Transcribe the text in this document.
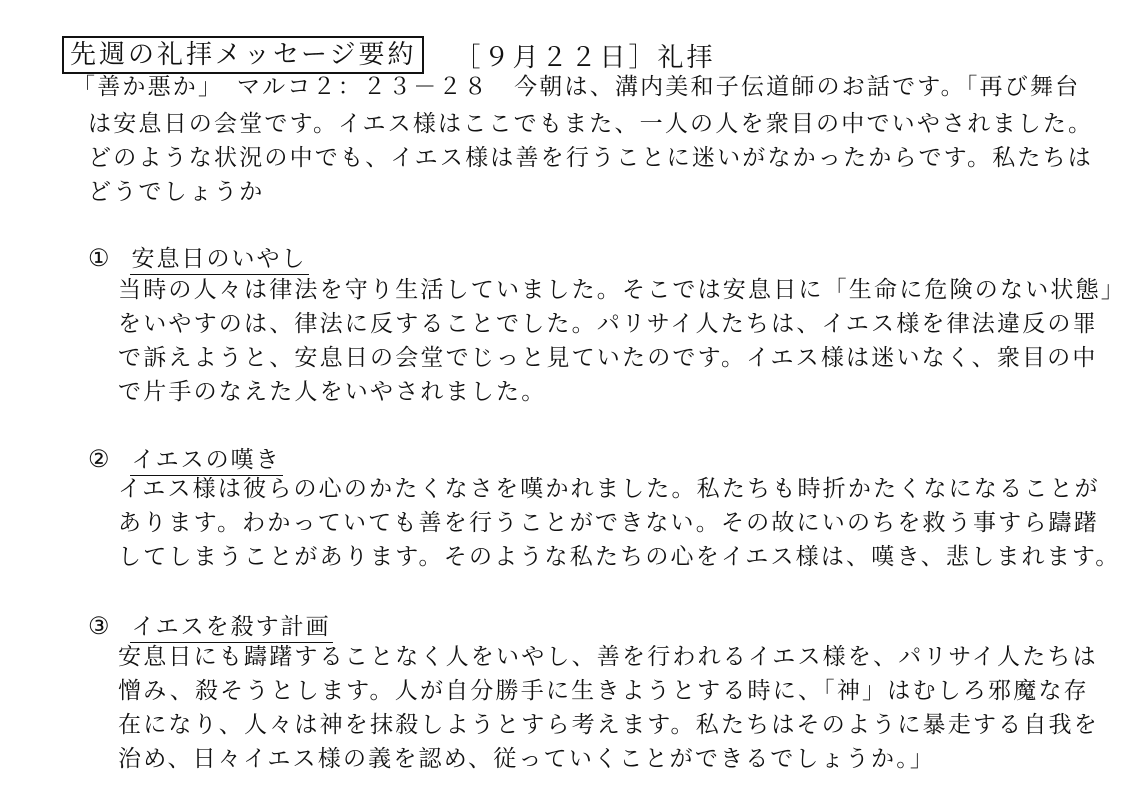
先週の礼拝メッセージ要約	［９月２２日］礼拝
「善か悪か」　マルコ２：２３－２８　今朝は、溝内美和子伝道師のお話です。「再び舞台
は安息日の会堂です。イエス様はここでもまた、一人の人を衆目の中でいやされました。
どのような状況の中でも、イエス様は善を行うことに迷いがなかったからです。私たちは
どうでしょうか
① 安息日のいやし
当時の人々は律法を守り生活していました。そこでは安息日に「生命に危険のない状態」
をいやすのは、律法に反することでした。パリサイ人たちは、イエス様を律法違反の罪
で訴えようと、安息日の会堂でじっと見ていたのです。イエス様は迷いなく、衆目の中
で片手のなえた人をいやされました。
② イエスの嘆き
イエス様は彼らの心のかたくなさを嘆かれました。私たちも時折かたくなになることが
あります。わかっていても善を行うことができない。その故にいのちを救う事すら躊躇
してしまうことがあります。そのような私たちの心をイエス様は、嘆き、悲しまれます。
③ イエスを殺す計画
安息日にも躊躇することなく人をいやし、善を行われるイエス様を、パリサイ人たちは
憎み、殺そうとします。人が自分勝手に生きようとする時に、「神」はむしろ邪魔な存
在になり、人々は神を抹殺しようとすら考えます。私たちはそのように暴走する自我を
治め、日々イエス様の義を認め、従っていくことができるでしょうか。」
